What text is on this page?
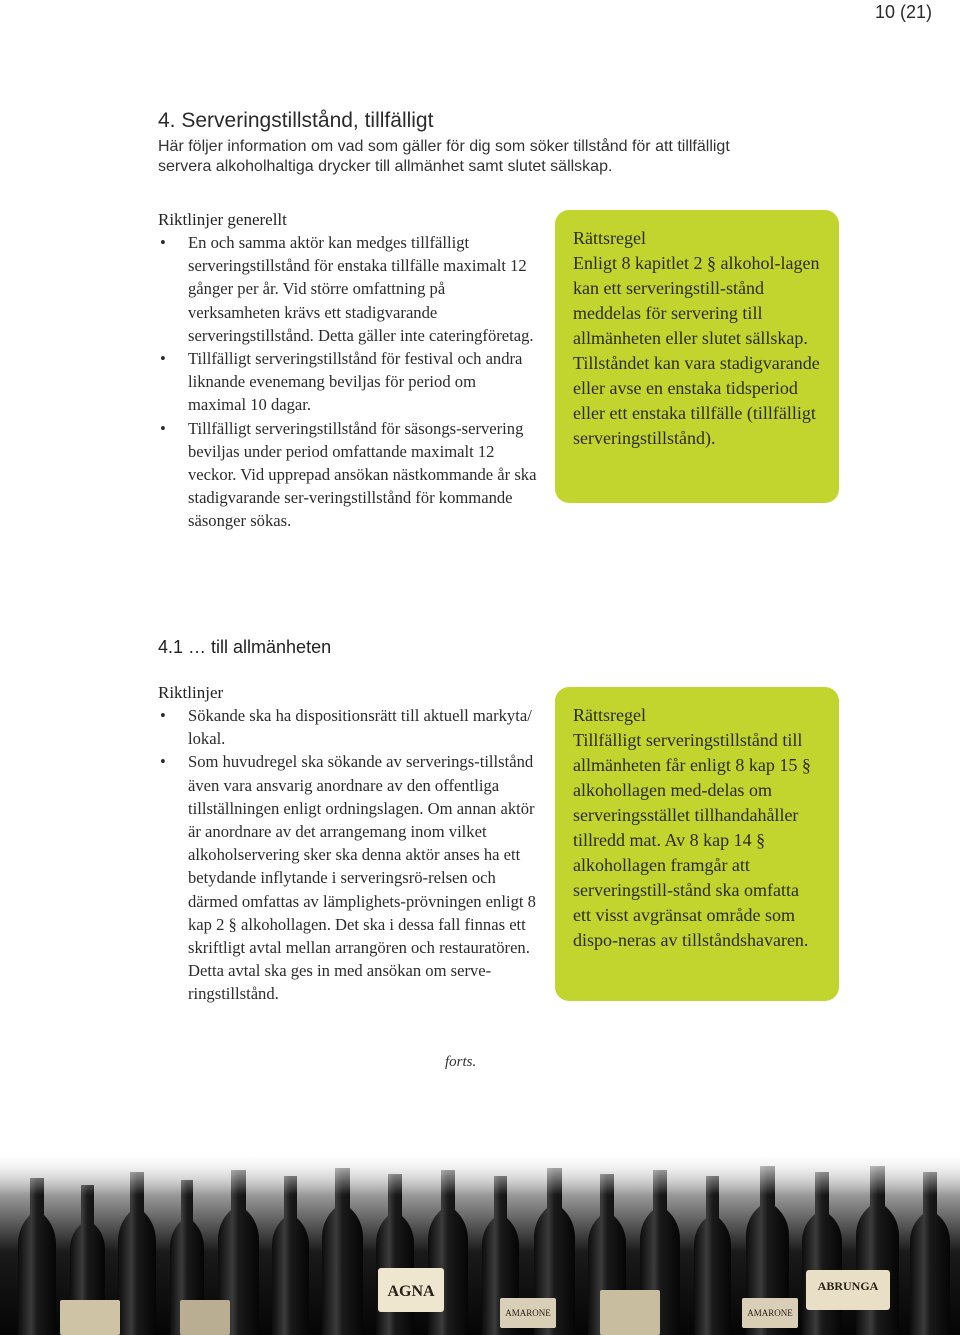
10 (21)
4. Serveringstillstånd, tillfälligt
Här följer information om vad som gäller för dig som söker tillstånd för att tillfälligt servera alkoholhaltiga drycker till allmänhet samt slutet sällskap.
Riktlinjer generellt
• En och samma aktör kan medges tillfälligt serveringstillstånd för enstaka tillfälle maximalt 12 gånger per år. Vid större omfattning på verksamheten krävs ett stadigvarande serveringstillstånd. Detta gäller inte cateringföretag.
• Tillfälligt serveringstillstånd för festival och andra liknande evenemang beviljas för period om maximal 10 dagar.
• Tillfälligt serveringstillstånd för säsongs-servering beviljas under period omfattande maximalt 12 veckor. Vid upprepad ansökan nästkommande år ska stadigvarande ser-veringstillstånd för kommande säsonger sökas.
Rättsregel
Enligt 8 kapitlet 2 § alkohol-lagen kan ett serveringstill-stånd meddelas för servering till allmänheten eller slutet sällskap. Tillståndet kan vara stadigvarande eller avse en enstaka tidsperiod eller ett enstaka tillfälle (tillfälligt serveringstillstånd).
4.1 … till allmänheten
Riktlinjer
• Sökande ska ha dispositionsrätt till aktuell markyta/ lokal.
• Som huvudregel ska sökande av serverings-tillstånd även vara ansvarig anordnare av den offentliga tillställningen enligt ordningslagen. Om annan aktör är anordnare av det arrangemang inom vilket alkoholservering sker ska denna aktör anses ha ett betydande inflytande i serveringsrö-relsen och därmed omfattas av lämplighets-prövningen enligt 8 kap 2 § alkohollagen. Det ska i dessa fall finnas ett skriftligt avtal mellan arrangören och restauratören. Detta avtal ska ges in med ansökan om serve-ringstillstånd.
forts.
Rättsregel
Tillfälligt serveringstillstånd till allmänheten får enligt 8 kap 15 § alkohollagen med-delas om serveringsstället tillhandahåller tillredd mat. Av 8 kap 14 § alkohollagen framgår att serveringstill-stånd ska omfatta ett visst avgränsat område som dispo-neras av tillståndshavaren.
AGNA	ABRUNGA
AMARONE	AMARONE
